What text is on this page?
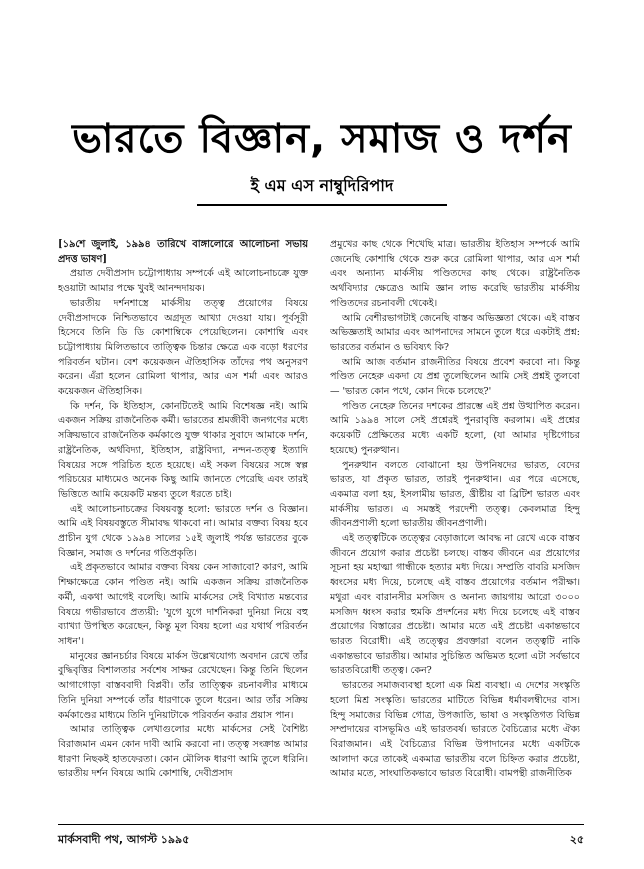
ভারতে বিজ্ঞান, সমাজ ও দর্শন
ই এম এস নাম্বুদিরিপাদ

[১৯শে জুলাই, ১৯৯৪ তারিখে বাঙ্গালোরে আলোচনা সভায় প্রদত্ত ভাষণ]

প্রয়াত দেবীপ্রসাদ চট্টোপাধ্যায় সম্পর্কে এই আলোচনাচক্রে যুক্ত হওয়াটা আমার পক্ষে খুবই আনন্দদায়ক।

ভারতীয় দর্শনশাস্ত্রে মার্কসীয় তত্ত্ব প্রয়োগের বিষয়ে দেবীপ্রসাদকে নিশ্চিতভাবে অগ্রদূত আখ্যা দেওয়া যায়। পূর্বসূরী হিসেবে তিনি ডি ডি কোশাম্বিকে পেয়েছিলেন। কোশাম্বি এবং চট্টোপাধ্যায় মিলিতভাবে তাত্ত্বিক চিন্তার ক্ষেত্রে এক বড়ো ধরণের পরিবর্তন ঘটান। বেশ কয়েকজন ঐতিহাসিক তাঁদের পথ অনুসরণ করেন। এঁরা হলেন রোমিলা থাপার, আর এস শর্মা এবং আরও কয়েকজন ঐতিহাসিক।

কি দর্শন, কি ইতিহাস, কোনটিতেই আমি বিশেষজ্ঞ নই। আমি একজন সক্রিয় রাজনৈতিক কর্মী। ভারতের শ্রমজীবী জনগণের মধ্যে সক্রিয়ভাবে রাজনৈতিক কর্মকাণ্ডে যুক্ত থাকার সুবাদে আমাকে দর্শন, রাষ্ট্রনৈতিক, অর্থবিদ্যা, ইতিহাস, রাষ্ট্রবিদ্যা, নন্দন-তত্ত্ব ইত্যাদি বিষয়ের সঙ্গে পরিচিত হতে হয়েছে। এই সকল বিষয়ের সঙ্গে স্বল্প পরিচয়ের মাধ্যমেও অনেক কিছু আমি জানতে পেরেছি এবং তারই ভিত্তিতে আমি কয়েকটি মন্তব্য তুলে ধরতে চাই।

এই আলোচনাচক্রের বিষয়বস্তু হলো: ভারতে দর্শন ও বিজ্ঞান। আমি এই বিষয়বস্তুতে সীমাবদ্ধ থাকবো না। আমার বক্তব্য বিষয় হবে প্রাচীন যুগ থেকে ১৯৯৪ সালের ১৫ই জুলাই পর্যন্ত ভারতের বুকে বিজ্ঞান, সমাজ ও দর্শনের গতিপ্রকৃতি।

এই প্রকৃতভাবে আমার বক্তব্য বিষয় কেন সাজাবো? কারণ, আমি শিক্ষাক্ষেত্রে কোন পণ্ডিত নই। আমি একজন সক্রিয় রাজনৈতিক কর্মী, একথা আগেই বলেছি। আমি মার্কসের সেই বিখ্যাত মন্তব্যের বিষয়ে গভীরভাবে প্রত্যয়ী: 'যুগে যুগে দার্শনিকরা দুনিয়া নিয়ে বহু ব্যাখ্যা উপস্থিত করেছেন, কিন্তু মূল বিষয় হলো এর যথার্থ পরিবর্তন সাধন'।

মানুষের জ্ঞানচর্চার বিষয়ে মার্কস উল্লেখযোগ্য অবদান রেখে তাঁর বুদ্ধিবৃত্তির বিশালতার সর্বশেষ সাক্ষর রেখেছেন। কিন্তু তিনি ছিলেন আগাগোড়া বাস্তববাদী বিপ্লবী। তাঁর তাত্ত্বিক রচনাবলীর মাধ্যমে তিনি দুনিয়া সম্পর্কে তাঁর ধারণাকে তুলে ধরেন। আর তাঁর সক্রিয় কর্মকাণ্ডের মাধ্যমে তিনি দুনিয়াটাকে পরিবর্তন করার প্রয়াস পান।

আমার তাত্ত্বিক লেখাগুলোর মধ্যে মার্কসের সেই বৈশিষ্ট্য বিরাজমান এমন কোন দাবী আমি করবো না। তত্ত্ব সংক্রান্ত আমার ধারণা নিছকই হাতফেরতা। কোন মৌলিক ধারণা আমি তুলে ধরিনি। ভারতীয় দর্শন বিষয়ে আমি কোশাম্বি, দেবীপ্রসাদ

প্রমুখের কাছ থেকে শিখেছি মাত্র। ভারতীয় ইতিহাস সম্পর্কে আমি জেনেছি কোশাম্বি থেকে শুরু করে রোমিলা থাপার, আর এস শর্মা এবং অন্যান্য মার্কসীয় পণ্ডিতদের কাছ থেকে। রাষ্ট্রনৈতিক অর্থবিদ্যার ক্ষেত্রেও আমি জ্ঞান লাভ করেছি ভারতীয় মার্কসীয় পণ্ডিতদের রচনাবলী থেকেই।

আমি বেশীরভাগটাই জেনেছি বাস্তব অভিজ্ঞতা থেকে। এই বাস্তব অভিজ্ঞতাই আমার এবং আপনাদের সামনে তুলে ধরে একটাই প্রশ্ন: ভারতের বর্তমান ও ভবিষ্যৎ কি?

আমি আজ বর্তমান রাজনীতির বিষয়ে প্রবেশ করবো না। কিন্তু পণ্ডিত নেহেরু একদা যে প্রশ্ন তুলেছিলেন আমি সেই প্রশ্নই তুলবো — 'ভারত কোন পথে, কোন দিকে চলেছে?'

পণ্ডিত নেহেরু তিনের দশকের প্রারম্ভে এই প্রশ্ন উত্থাপিত করেন। আমি ১৯৯৪ সালে সেই প্রশ্নেরই পুনরাবৃত্তি করলাম। এই প্রশ্নের কয়েকটি প্রেক্ষিতের মধ্যে একটি হলো, (যা আমার দৃষ্টিগোচর হয়েছে) পুনরুত্থান।

পুনরুত্থান বলতে বোঝানো হয় উপনিষদের ভারত, বেদের ভারত, যা প্রকৃত ভারত, তারই পুনরুত্থান। এর পরে এসেছে, একমাত্র বলা হয়, ইসলামীয় ভারত, খ্রীষ্টীয় বা ব্রিটিশ ভারত এবং মার্কসীয় ভারত। এ সমস্তই পরদেশী তত্ত্ব। কেবলমাত্র হিন্দু জীবনপ্রণালী হলো ভারতীয় জীবনপ্রণালী।

এই তত্ত্বটিকে তত্ত্বের বেড়াজালে আবদ্ধ না রেখে একে বাস্তব জীবনে প্রয়োগ করার প্রচেষ্টা চলছে। বাস্তব জীবনে এর প্রয়োগের সূচনা হয় মহাত্মা গান্ধীকে হত্যার মধ্য দিয়ে। সম্প্রতি বাবরি মসজিদ ধ্বংসের মধ্য দিয়ে, চলেছে এই বাস্তব প্রয়োগের বর্তমান পরীক্ষা। মথুরা এবং বারানসীর মসজিদ ও অনান্য জায়গায় আরো ৩০০০ মসজিদ ধ্বংস করার হুমকি প্রদর্শনের মধ্য দিয়ে চলেছে এই বাস্তব প্রয়োগের বিস্তারের প্রচেষ্টা। আমার মতে এই প্রচেষ্টা একান্তভাবে ভারত বিরোধী। এই তত্ত্বের প্রবক্তারা বলেন তত্ত্বটি নাকি একান্তভাবে ভারতীয়। আমার সুচিন্তিত অভিমত হলো এটা সর্বভাবে ভারতবিরোধী তত্ত্ব। কেন?

ভারতের সমাজব্যবস্থা হলো এক মিশ্র ব্যবস্থা। এ দেশের সংস্কৃতি হলো মিশ্র সংস্কৃতি। ভারতের মাটিতে বিভিন্ন ধর্মাবলম্বীদের বাস। হিন্দু সমাজের বিভিন্ন গোত্র, উপজাতি, ভাষা ও সংস্কৃতিগত বিভিন্ন সম্প্রদায়ের বাসভূমিও এই ভারতবর্ষ। ভারতে বৈচিত্র্যের মধ্যে ঐক্য বিরাজমান। এই বৈচিত্র্যের বিভিন্ন উপাদানের মধ্যে একটিকে আলাদা করে তাকেই একমাত্র ভারতীয় বলে চিহ্নিত করার প্রচেষ্টা, আমার মতে, সাংঘাতিকভাবে ভারত বিরোধী। বামপন্থী রাজনীতিক

মার্কসবাদী পথ, আগস্ট ১৯৯৫	২৫
